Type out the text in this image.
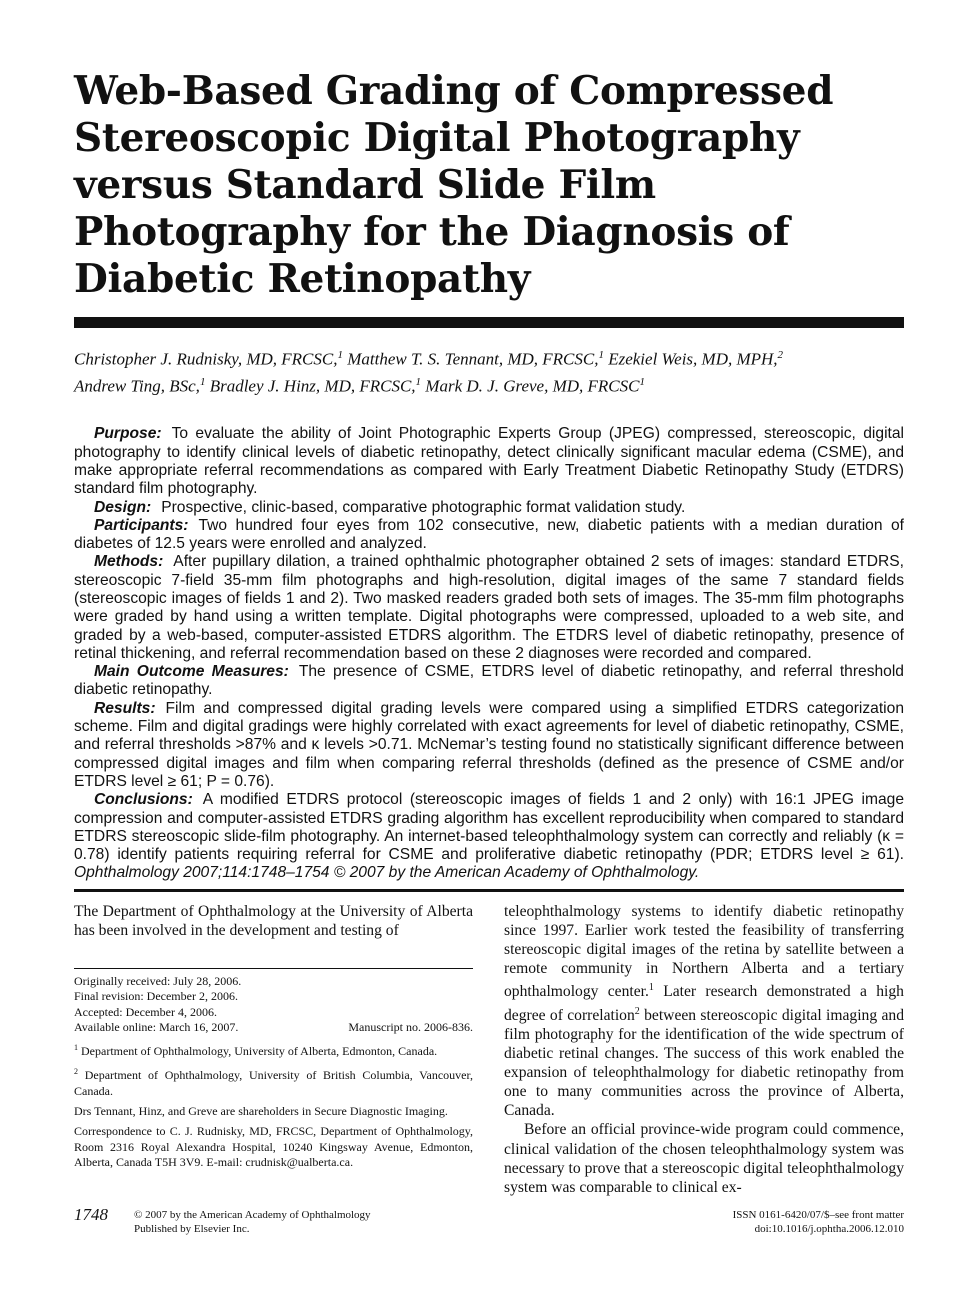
Web-Based Grading of Compressed Stereoscopic Digital Photography versus Standard Slide Film Photography for the Diagnosis of Diabetic Retinopathy
Christopher J. Rudnisky, MD, FRCSC,$^1$ Matthew T. S. Tennant, MD, FRCSC,$^1$ Ezekiel Weis, MD, MPH,$^2$
Andrew Ting, BSc,$^1$ Bradley J. Hinz, MD, FRCSC,$^1$ Mark D. J. Greve, MD, FRCSC$^1$

Purpose: To evaluate the ability of Joint Photographic Experts Group (JPEG) compressed, stereoscopic, digital photography to identify clinical levels of diabetic retinopathy, detect clinically significant macular edema (CSME), and make appropriate referral recommendations as compared with Early Treatment Diabetic Retinopathy Study (ETDRS) standard film photography.

Design: Prospective, clinic-based, comparative photographic format validation study.

Participants: Two hundred four eyes from 102 consecutive, new, diabetic patients with a median duration of diabetes of 12.5 years were enrolled and analyzed.

Methods: After pupillary dilation, a trained ophthalmic photographer obtained 2 sets of images: standard ETDRS, stereoscopic 7-field 35-mm film photographs and high-resolution, digital images of the same 7 standard fields (stereoscopic images of fields 1 and 2). Two masked readers graded both sets of images. The 35-mm film photographs were graded by hand using a written template. Digital photographs were compressed, uploaded to a web site, and graded by a web-based, computer-assisted ETDRS algorithm. The ETDRS level of diabetic retinopathy, presence of retinal thickening, and referral recommendation based on these 2 diagnoses were recorded and compared.

Main Outcome Measures: The presence of CSME, ETDRS level of diabetic retinopathy, and referral threshold diabetic retinopathy.

Results: Film and compressed digital grading levels were compared using a simplified ETDRS categorization scheme. Film and digital gradings were highly correlated with exact agreements for level of diabetic retinopathy, CSME, and referral thresholds >87% and κ levels >0.71. McNemar’s testing found no statistically significant difference between compressed digital images and film when comparing referral thresholds (defined as the presence of CSME and/or ETDRS level ≥ 61; P = 0.76).

Conclusions: A modified ETDRS protocol (stereoscopic images of fields 1 and 2 only) with 16:1 JPEG image compression and computer-assisted ETDRS grading algorithm has excellent reproducibility when compared to standard ETDRS stereoscopic slide-film photography. An internet-based teleophthalmology system can correctly and reliably (κ = 0.78) identify patients requiring referral for CSME and proliferative diabetic retinopathy (PDR; ETDRS level ≥ 61). Ophthalmology 2007;114:1748–1754 © 2007 by the American Academy of Ophthalmology.

The Department of Ophthalmology at the University of Alberta has been involved in the development and testing of

Originally received: July 28, 2006.

Final revision: December 2, 2006.

Accepted: December 4, 2006.

Available online: March 16, 2007.	Manuscript no. 2006-836.

$^1$ Department of Ophthalmology, University of Alberta, Edmonton, Canada.

$^2$ Department of Ophthalmology, University of British Columbia, Vancouver, Canada.

Drs Tennant, Hinz, and Greve are shareholders in Secure Diagnostic Imaging.

Correspondence to C. J. Rudnisky, MD, FRCSC, Department of Ophthalmology, Room 2316 Royal Alexandra Hospital, 10240 Kingsway Avenue, Edmonton, Alberta, Canada T5H 3V9. E-mail: crudnisk@ualberta.ca.

teleophthalmology systems to identify diabetic retinopathy since 1997. Earlier work tested the feasibility of transferring stereoscopic digital images of the retina by satellite between a remote community in Northern Alberta and a tertiary ophthalmology center.$^1$ Later research demonstrated a high degree of correlation$^2$ between stereoscopic digital imaging and film photography for the identification of the wide spectrum of diabetic retinal changes. The success of this work enabled the expansion of teleophthalmology for diabetic retinopathy from one to many communities across the province of Alberta, Canada.

Before an official province-wide program could commence, clinical validation of the chosen teleophthalmology system was necessary to prove that a stereoscopic digital teleophthalmology system was comparable to clinical ex-

1748 © 2007 by the American Academy of Ophthalmology
Published by Elsevier Inc.
ISSN 0161-6420/07/$–see front matter
doi:10.1016/j.ophtha.2006.12.010
